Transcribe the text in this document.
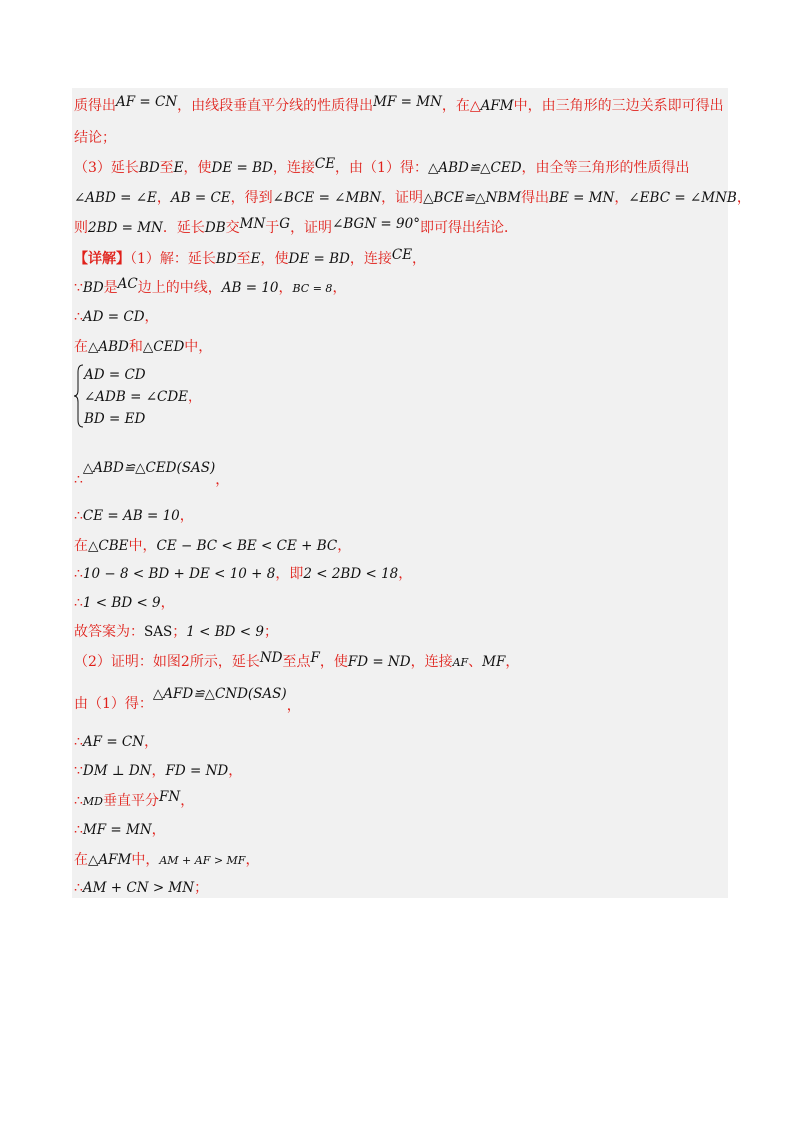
质得出AF = CN，由线段垂直平分线的性质得出MF = MN，在△AFM中，由三角形的三边关系即可得出
结论；
（3）延长BD至E，使DE = BD，连接CE，由（1）得：△ABD≌△CED，由全等三角形的性质得出
∠ABD = ∠E，AB = CE，得到∠BCE = ∠MBN，证明△BCE≌△NBM得出BE = MN，∠EBC = ∠MNB，
则2BD = MN．延长DB交MN于G，证明∠BGN = 90°即可得出结论．
【详解】（1）解：延长BD至E，使DE = BD，连接CE，
∵BD是AC边上的中线，AB = 10，BC = 8，
∴AD = CD，
在△ABD和△CED中，
AD = CD
∠ADB = ∠CDE，
BD = ED
∴△ABD≌△CED(SAS)，
∴CE = AB = 10，
在△CBE中，CE − BC < BE < CE + BC，
∴10 − 8 < BD + DE < 10 + 8，即2 < 2BD < 18，
∴1 < BD < 9，
故答案为：SAS；1 < BD < 9；
（2）证明：如图2所示，延长ND至点F，使FD = ND，连接AF、MF，
由（1）得：△AFD≌△CND(SAS)，
∴AF = CN，
∵DM ⊥ DN，FD = ND，
∴MD垂直平分FN，
∴MF = MN，
在△AFM中，AM + AF > MF，
∴AM + CN > MN；
